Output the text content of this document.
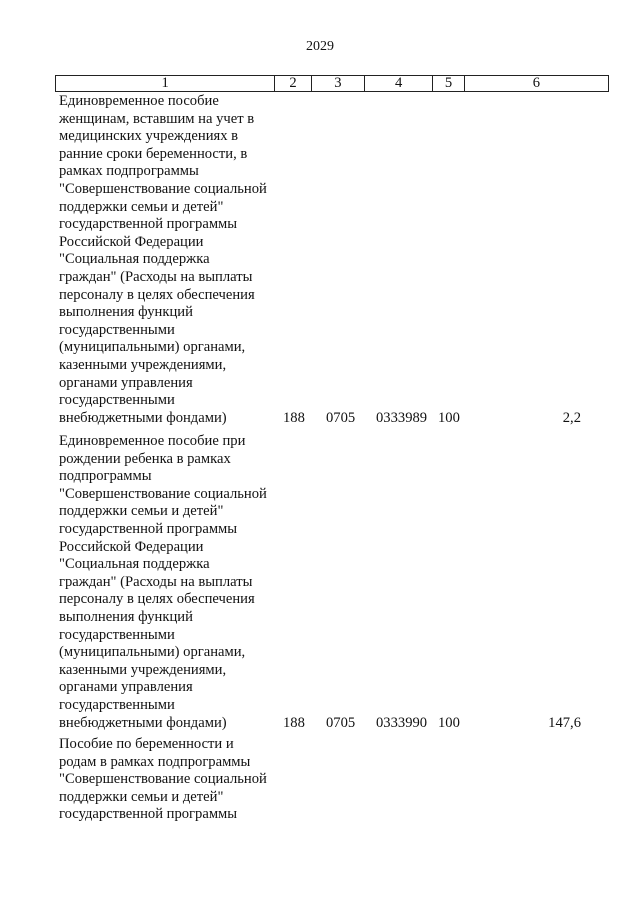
2029
1	2	3	4	5	6
Единовременное пособие
женщинам, вставшим на учет в
медицинских учреждениях в
ранние сроки беременности, в
рамках подпрограммы
"Совершенствование социальной
поддержки семьи и детей"
государственной программы
Российской Федерации
"Социальная поддержка
граждан" (Расходы на выплаты
персоналу в целях обеспечения
выполнения функций
государственными
(муниципальными) органами,
казенными учреждениями,
органами управления
государственными
внебюджетными фондами)	188 0705 0333989 100	2,2
Единовременное пособие при
рождении ребенка в рамках
подпрограммы
"Совершенствование социальной
поддержки семьи и детей"
государственной программы
Российской Федерации
"Социальная поддержка
граждан" (Расходы на выплаты
персоналу в целях обеспечения
выполнения функций
государственными
(муниципальными) органами,
казенными учреждениями,
органами управления
государственными
внебюджетными фондами)	188 0705 0333990 100	147,6
Пособие по беременности и
родам в рамках подпрограммы
"Совершенствование социальной
поддержки семьи и детей"
государственной программы
